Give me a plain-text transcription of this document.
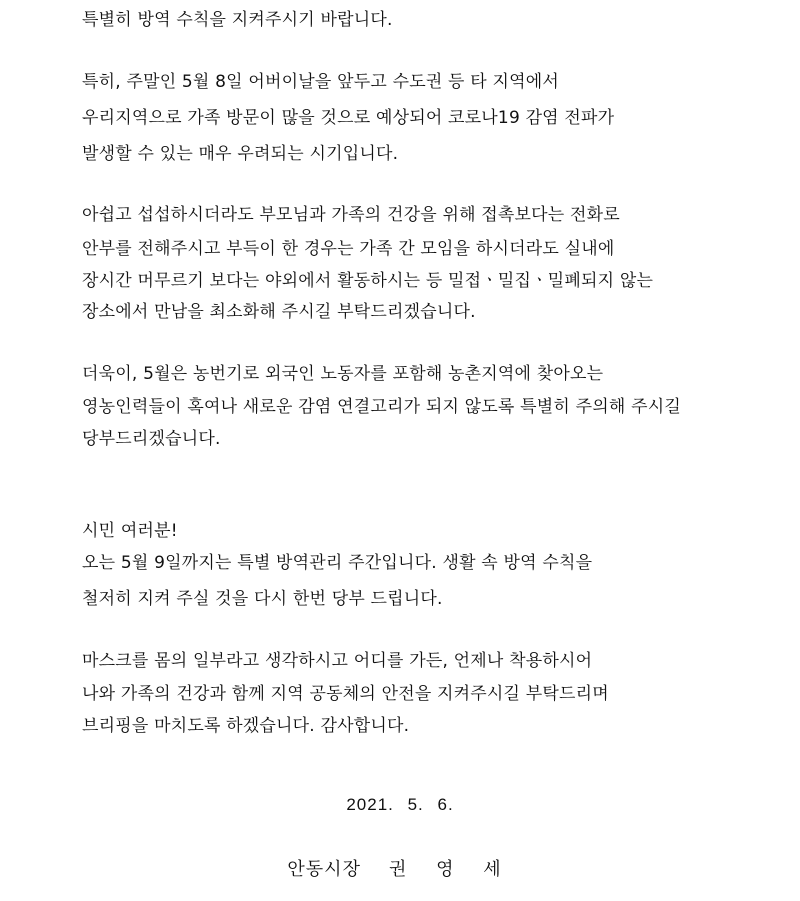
특별히 방역 수칙을 지켜주시기 바랍니다.
특히, 주말인 5월 8일 어버이날을 앞두고 수도권 등 타 지역에서
우리지역으로 가족 방문이 많을 것으로 예상되어 코로나19 감염 전파가
발생할 수 있는 매우 우려되는 시기입니다.
아쉽고 섭섭하시더라도 부모님과 가족의 건강을 위해 접촉보다는 전화로
안부를 전해주시고 부득이 한 경우는 가족 간 모임을 하시더라도 실내에
장시간 머무르기 보다는 야외에서 활동하시는 등 밀접ㆍ밀집ㆍ밀폐되지 않는
장소에서 만남을 최소화해 주시길 부탁드리겠습니다.
더욱이, 5월은 농번기로 외국인 노동자를 포함해 농촌지역에 찾아오는
영농인력들이 혹여나 새로운 감염 연결고리가 되지 않도록 특별히 주의해 주시길
당부드리겠습니다.
시민 여러분!
오는 5월 9일까지는 특별 방역관리 주간입니다. 생활 속 방역 수칙을
철저히 지켜 주실 것을 다시 한번 당부 드립니다.
마스크를 몸의 일부라고 생각하시고 어디를 가든, 언제나 착용하시어
나와 가족의 건강과 함께 지역 공동체의 안전을 지켜주시길 부탁드리며
브리핑을 마치도록 하겠습니다. 감사합니다.
2021. 5. 6.
안동시장 권 영 세
